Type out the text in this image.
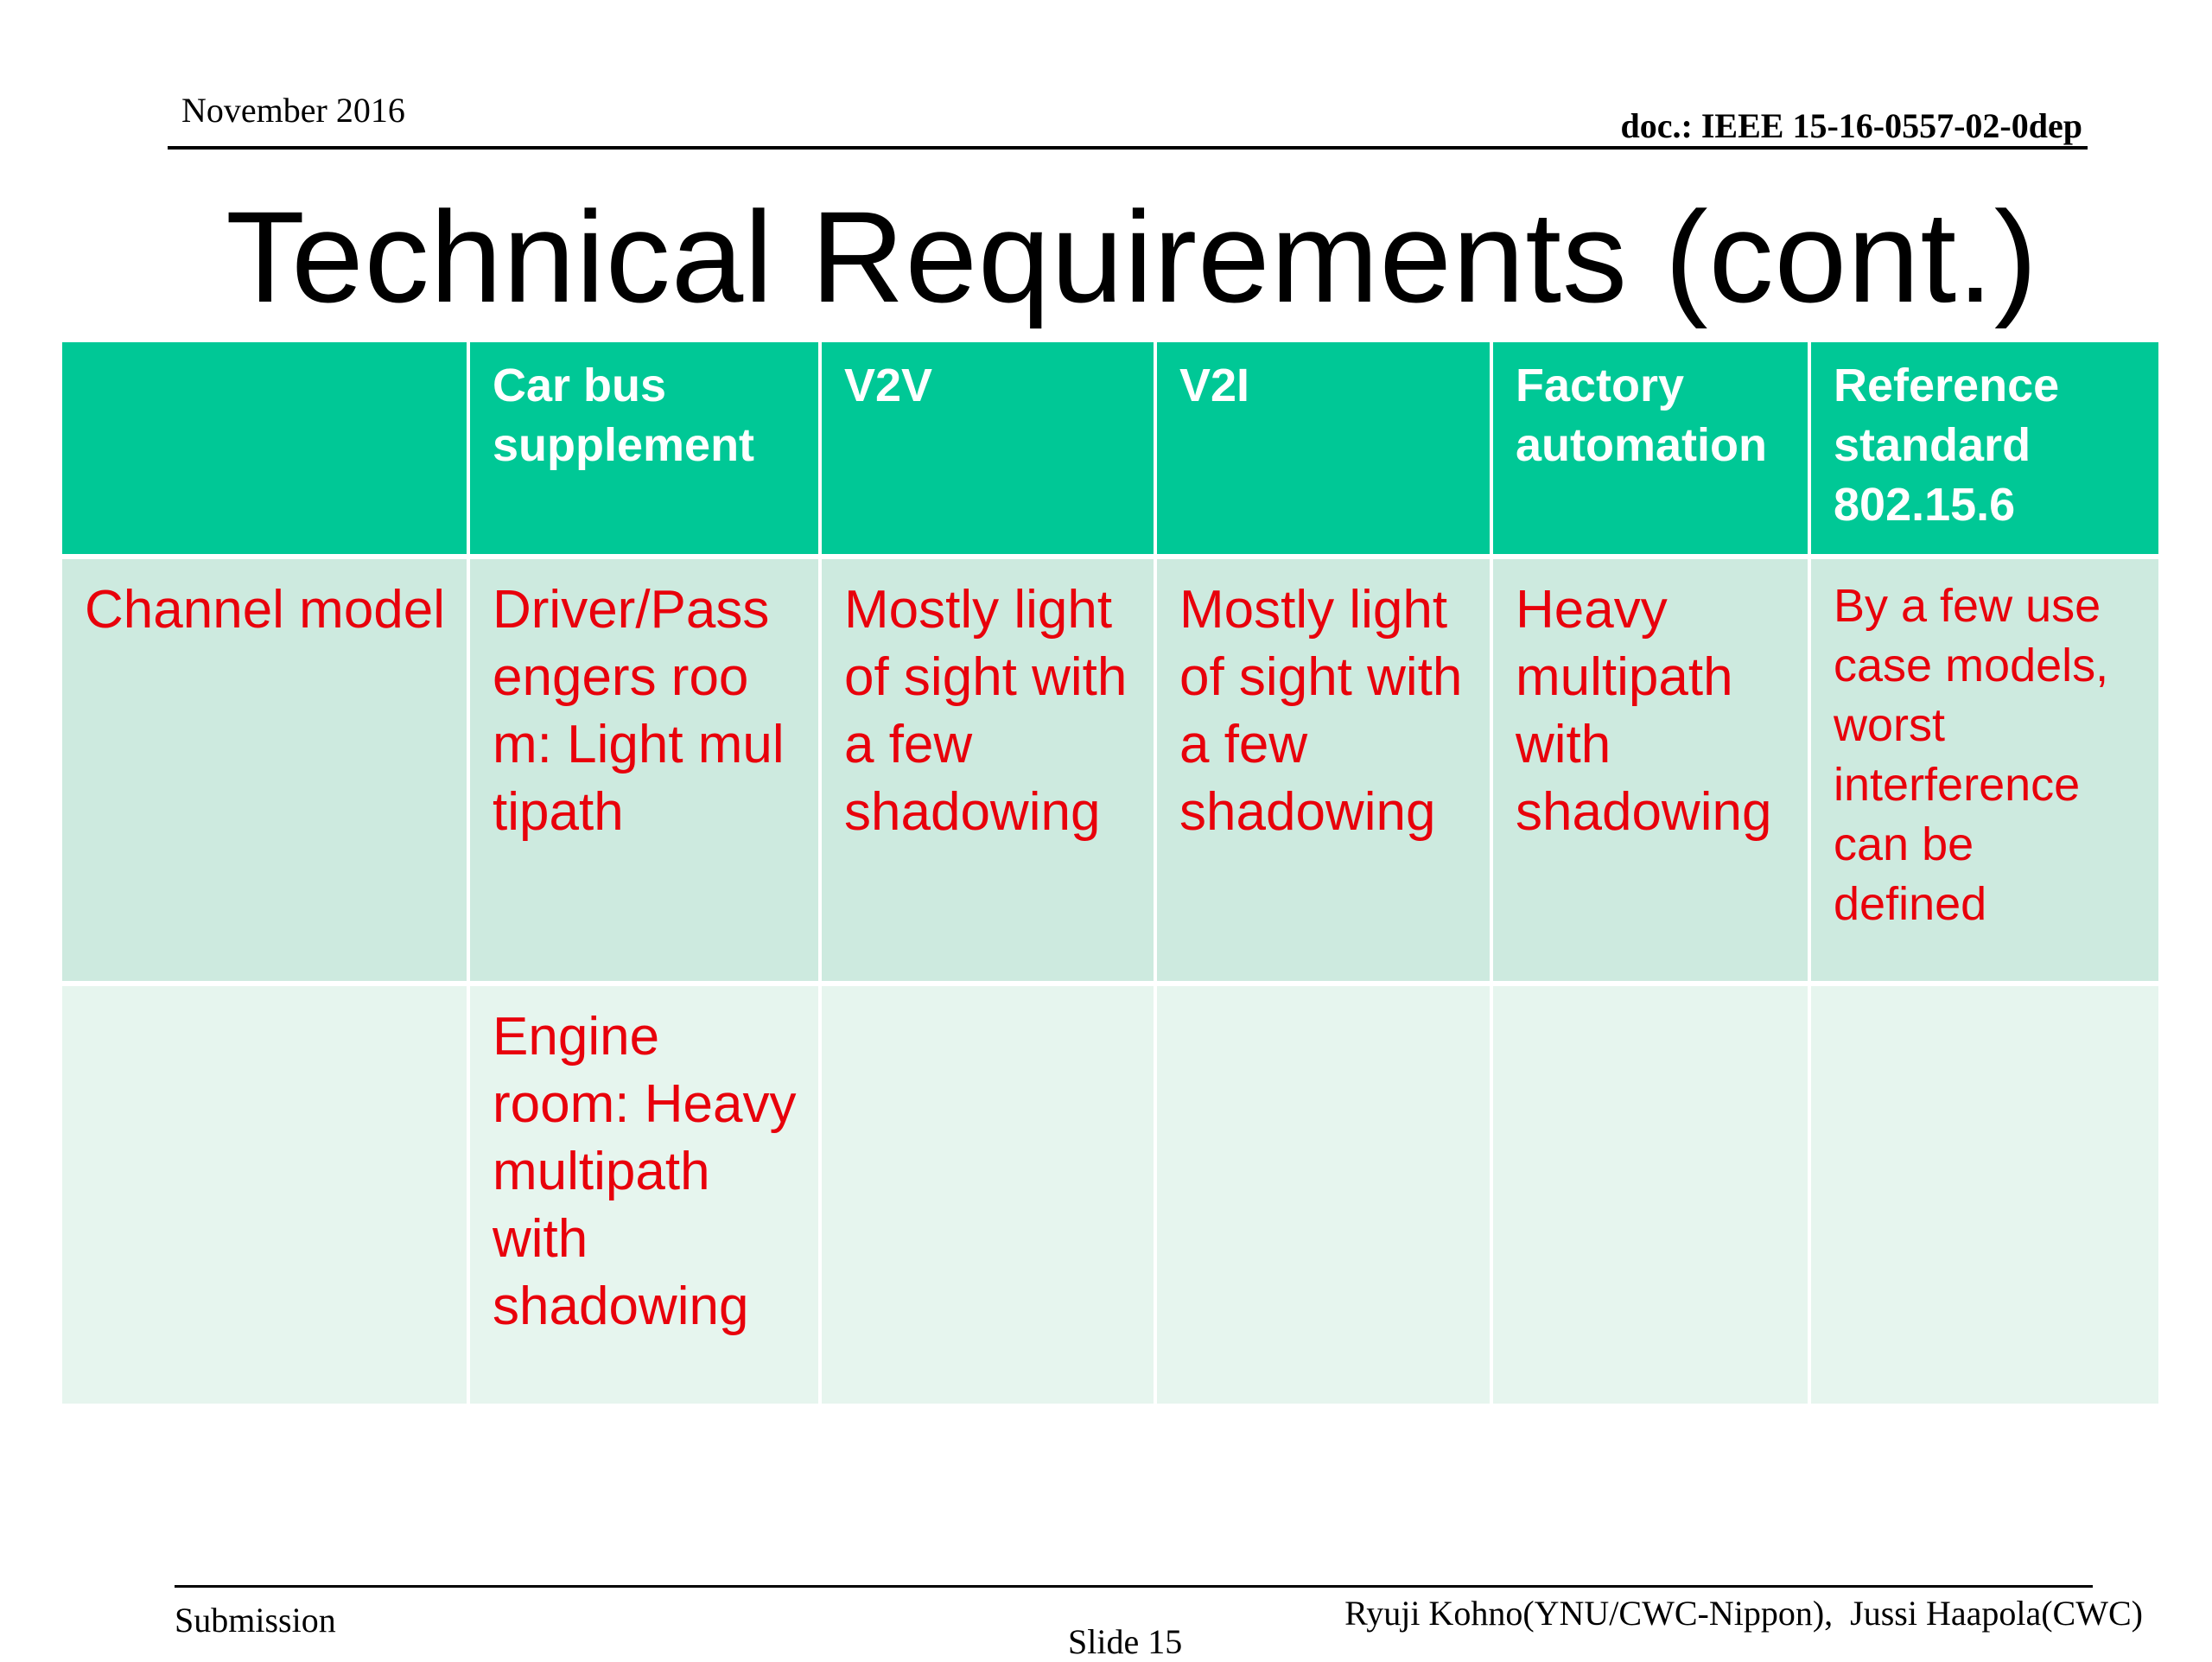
November 2016	doc.: IEEE 15-16-0557-02-0dep
Technical Requirements (cont.)
	Car bus supplement	V2V	V2I	Factory automation	Reference standard 802.15.6
Channel model	Driver/Passengers room: Light multipath	Mostly light of sight with a few shadowing	Mostly light of sight with a few shadowing	Heavy multipath with shadowing	By a few use case models, worst interference can be defined
	Engine room: Heavy multipath with shadowing				
Submission
Slide 15
Ryuji Kohno(YNU/CWC-Nippon),  Jussi Haapola(CWC)
